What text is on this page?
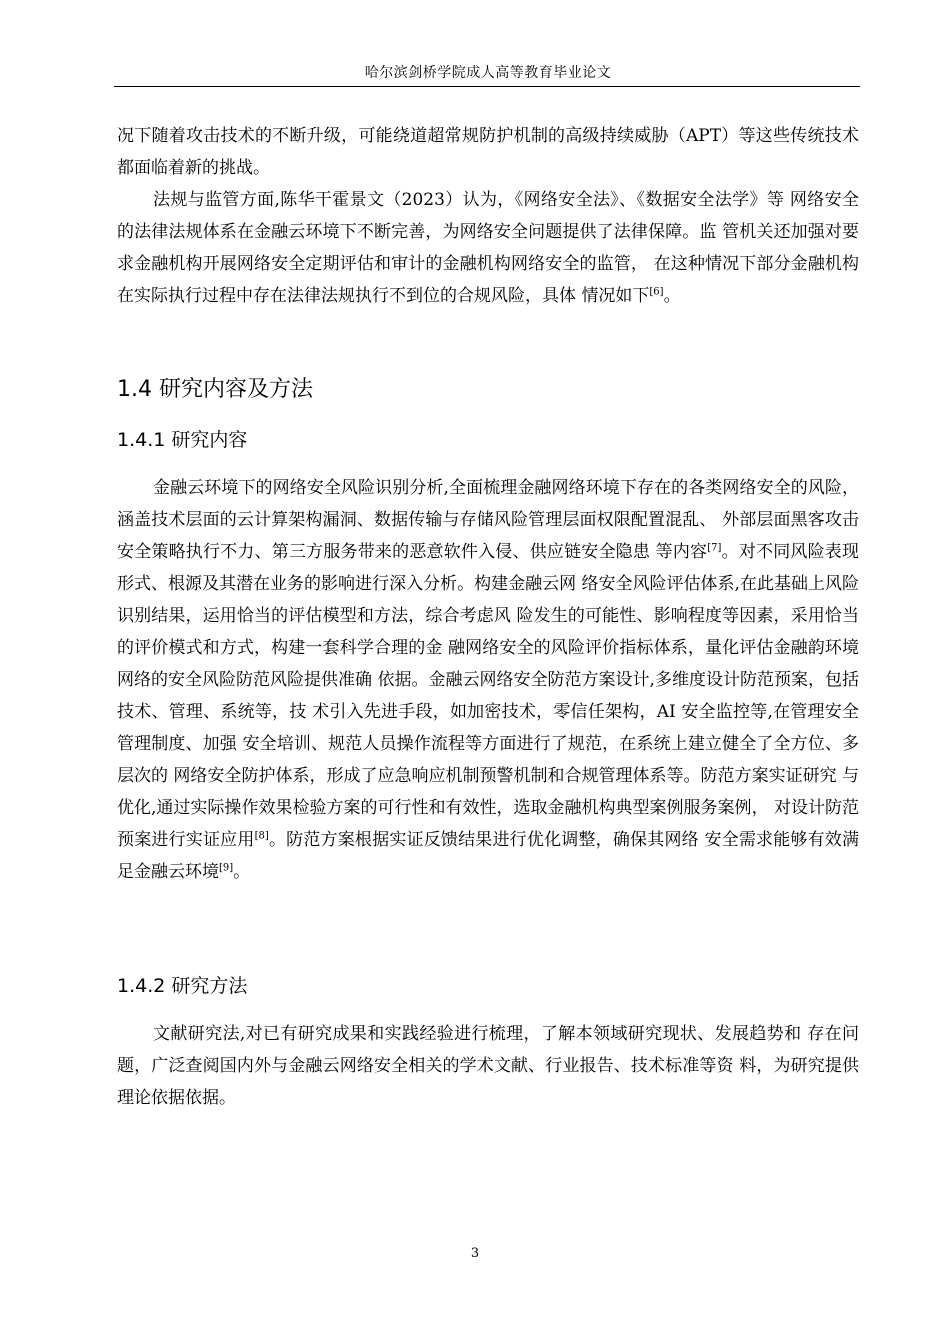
哈尔滨剑桥学院成人高等教育毕业论文

况下随着攻击技术的不断升级，可能绕道超常规防护机制的高级持续威胁（APT）等这些传统技术都面临着新的挑战。

法规与监管方面,陈华干霍景文（2023）认为，《网络安全法》、《数据安全法学》等 网络安全的法律法规体系在金融云环境下不断完善，为网络安全问题提供了法律保障。监 管机关还加强对要求金融机构开展网络安全定期评估和审计的金融机构网络安全的监管， 在这种情况下部分金融机构在实际执行过程中存在法律法规执行不到位的合规风险，具体 情况如下[6]。

1.4 研究内容及方法
1.4.1 研究内容

金融云环境下的网络安全风险识别分析,全面梳理金融网络环境下存在的各类网络安全的风险，涵盖技术层面的云计算架构漏洞、数据传输与存储风险管理层面权限配置混乱、 外部层面黑客攻击安全策略执行不力、第三方服务带来的恶意软件入侵、供应链安全隐患 等内容[7]。对不同风险表现形式、根源及其潜在业务的影响进行深入分析。构建金融云网 络安全风险评估体系,在此基础上风险识别结果，运用恰当的评估模型和方法，综合考虑风 险发生的可能性、影响程度等因素，采用恰当的评价模式和方式，构建一套科学合理的金 融网络安全的风险评价指标体系，量化评估金融韵环境网络的安全风险防范风险提供准确 依据。金融云网络安全防范方案设计,多维度设计防范预案，包括技术、管理、系统等，技 术引入先进手段，如加密技术，零信任架构，AI 安全监控等,在管理安全管理制度、加强 安全培训、规范人员操作流程等方面进行了规范，在系统上建立健全了全方位、多层次的 网络安全防护体系，形成了应急响应机制预警机制和合规管理体系等。防范方案实证研究 与优化,通过实际操作效果检验方案的可行性和有效性，选取金融机构典型案例服务案例， 对设计防范预案进行实证应用[8]。防范方案根据实证反馈结果进行优化调整，确保其网络 安全需求能够有效满足金融云环境[9]。

1.4.2 研究方法

文献研究法,对已有研究成果和实践经验进行梳理，了解本领域研究现状、发展趋势和 存在问题，广泛查阅国内外与金融云网络安全相关的学术文献、行业报告、技术标准等资 料，为研究提供理论依据依据。

3
